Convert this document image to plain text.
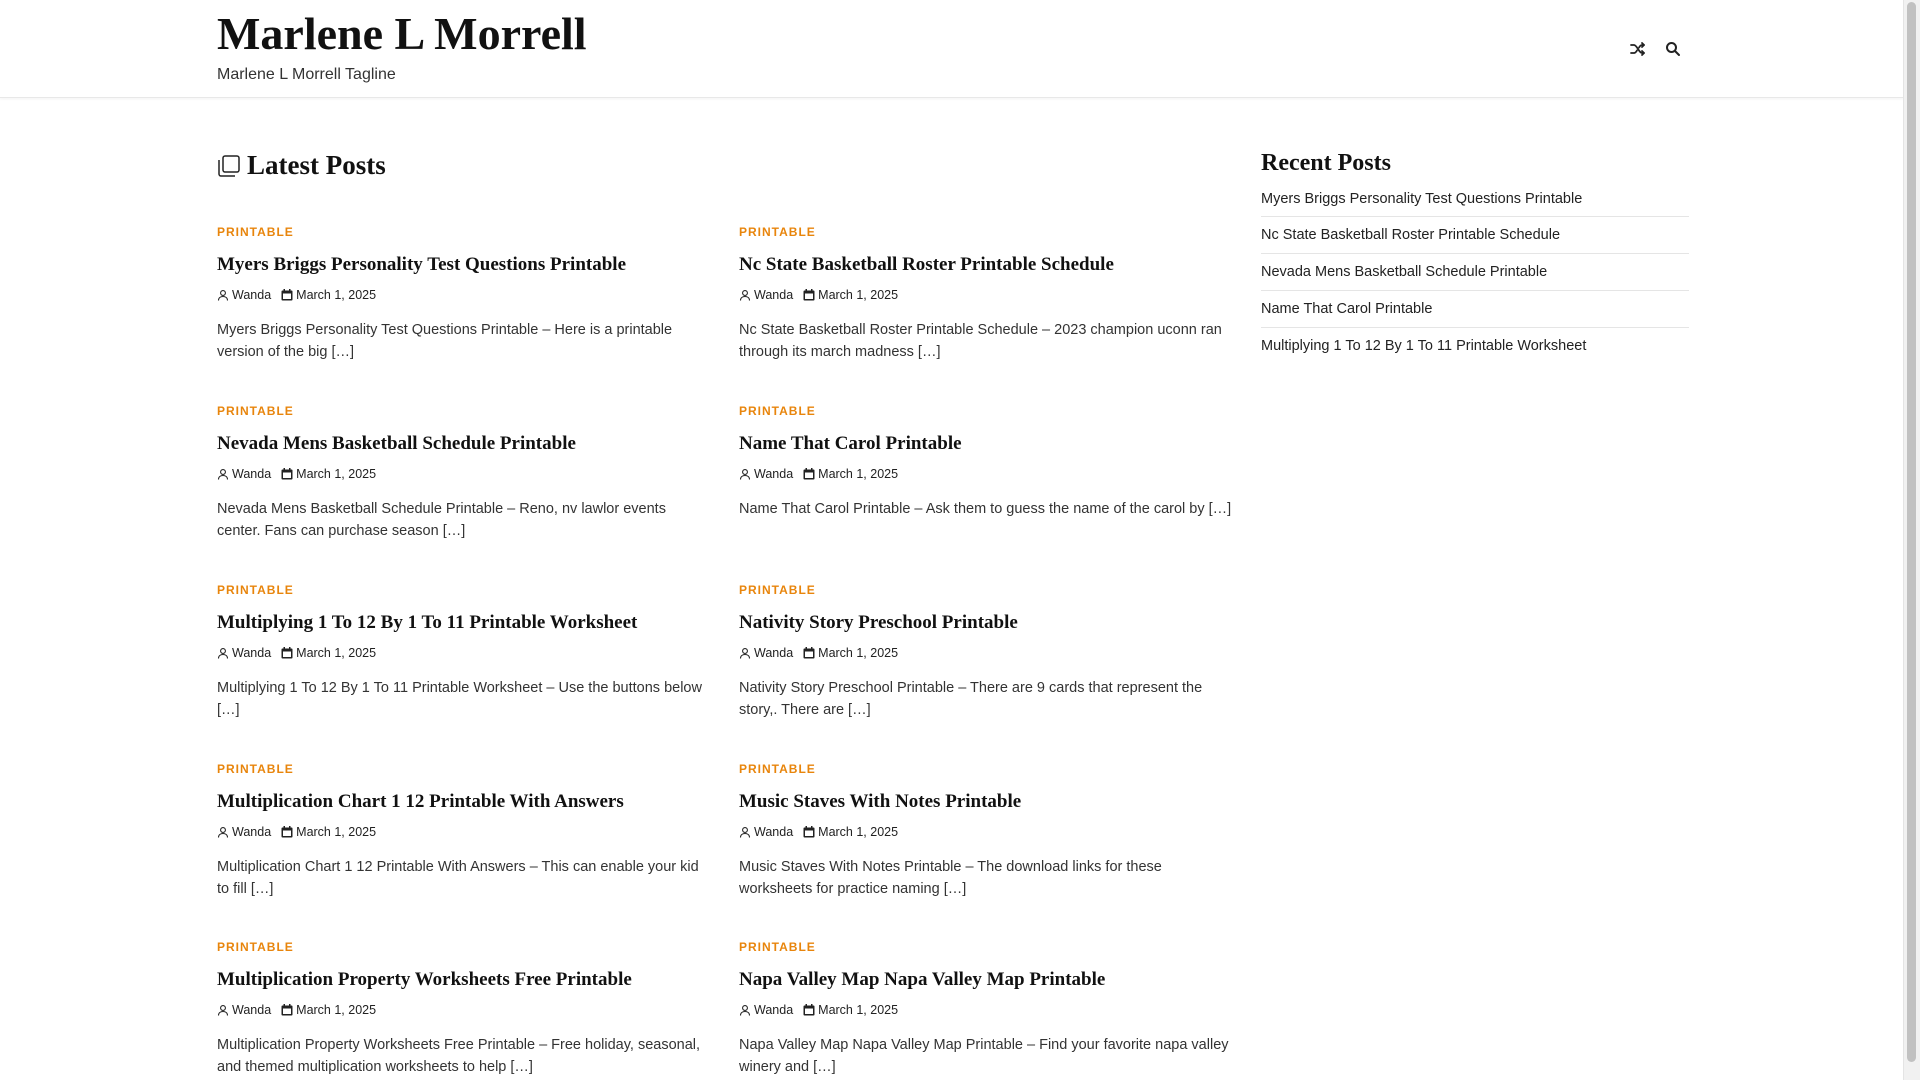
Marlene L Morrell
Marlene L Morrell Tagline
Latest Posts
PRINTABLE
Myers Briggs Personality Test Questions Printable
Wanda March 1, 2025
Myers Briggs Personality Test Questions Printable – Here is a printable version of the big […]
PRINTABLE
Nc State Basketball Roster Printable Schedule
Wanda March 1, 2025
Nc State Basketball Roster Printable Schedule – 2023 champion uconn ran through its march madness […]
PRINTABLE
Nevada Mens Basketball Schedule Printable
Wanda March 1, 2025
Nevada Mens Basketball Schedule Printable – Reno, nv lawlor events center. Fans can purchase season […]
PRINTABLE
Name That Carol Printable
Wanda March 1, 2025
Name That Carol Printable – Ask them to guess the name of the carol by […]
PRINTABLE
Multiplying 1 To 12 By 1 To 11 Printable Worksheet
Wanda March 1, 2025
Multiplying 1 To 12 By 1 To 11 Printable Worksheet – Use the buttons below […]
PRINTABLE
Nativity Story Preschool Printable
Wanda March 1, 2025
Nativity Story Preschool Printable – There are 9 cards that represent the story,. There are […]
PRINTABLE
Multiplication Chart 1 12 Printable With Answers
Wanda March 1, 2025
Multiplication Chart 1 12 Printable With Answers – This can enable your kid to fill […]
PRINTABLE
Music Staves With Notes Printable
Wanda March 1, 2025
Music Staves With Notes Printable – The download links for these worksheets for practice naming […]
PRINTABLE
Multiplication Property Worksheets Free Printable
Wanda March 1, 2025
Multiplication Property Worksheets Free Printable – Free holiday, seasonal, and themed multiplication worksheets to help […]
PRINTABLE
Napa Valley Map Napa Valley Map Printable
Wanda March 1, 2025
Napa Valley Map Napa Valley Map Printable – Find your favorite napa valley winery and […]
Recent Posts
Myers Briggs Personality Test Questions Printable
Nc State Basketball Roster Printable Schedule
Nevada Mens Basketball Schedule Printable
Name That Carol Printable
Multiplying 1 To 12 By 1 To 11 Printable Worksheet
